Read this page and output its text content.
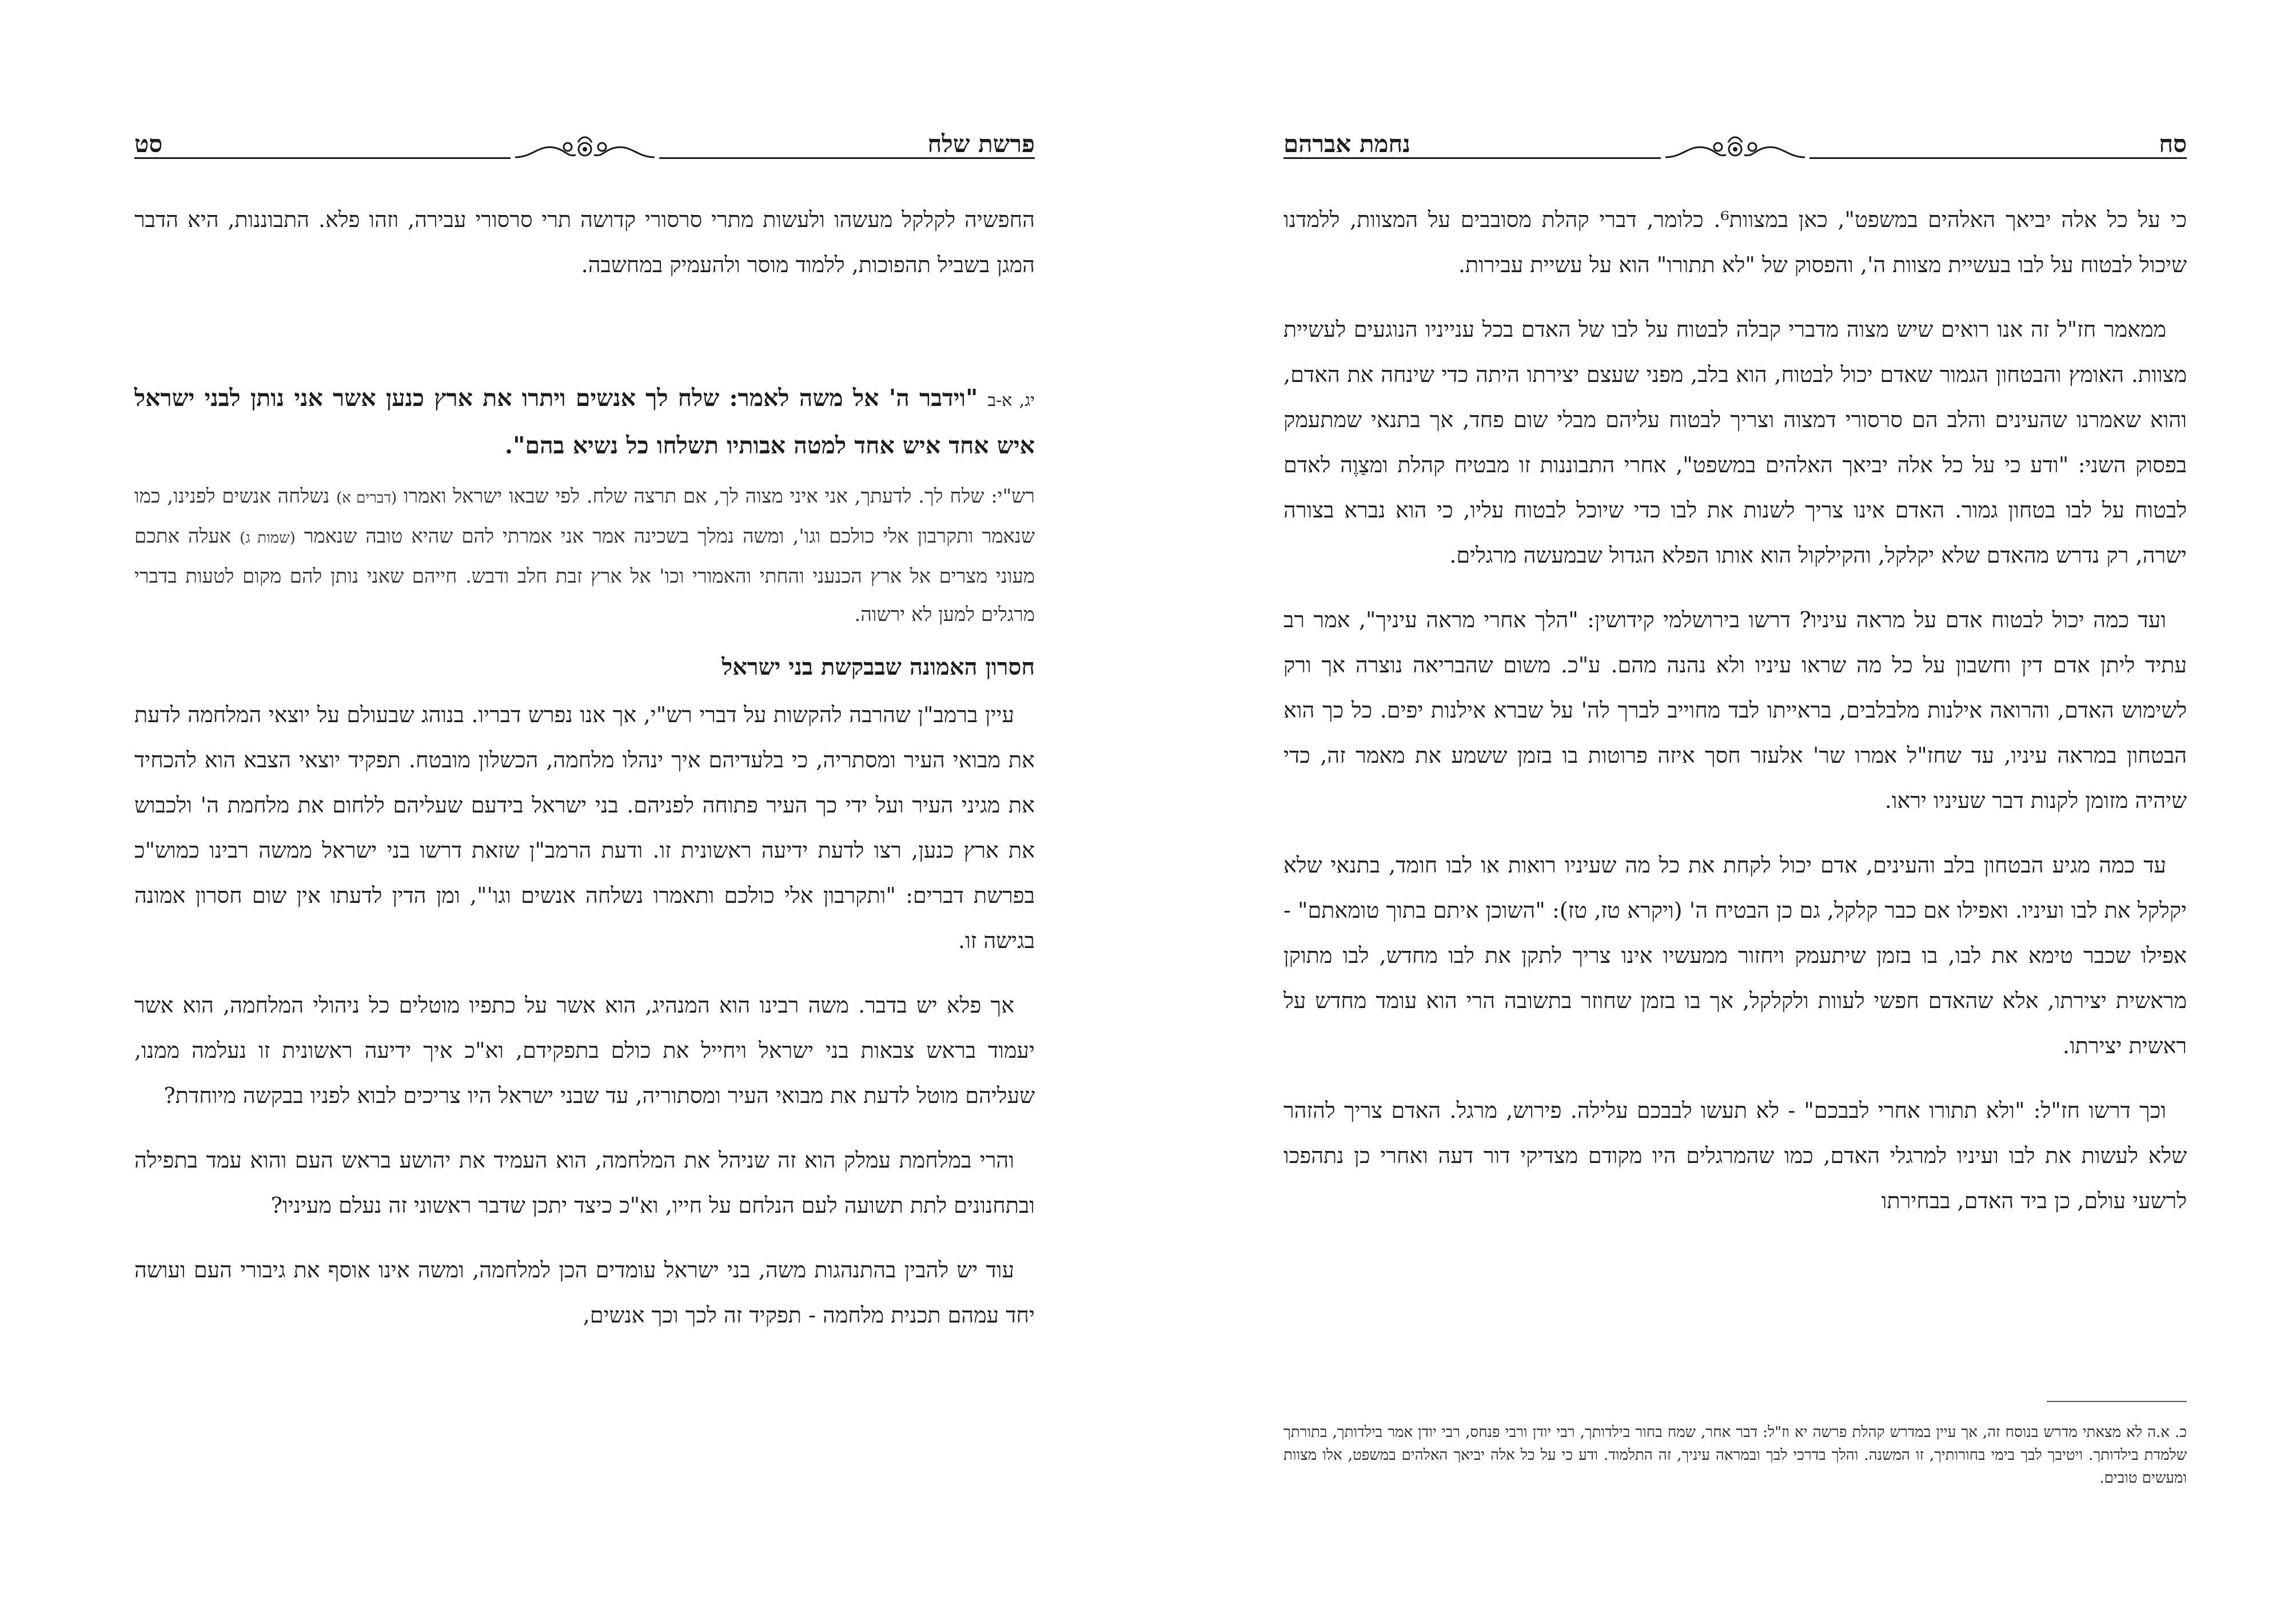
פרשת שלח
סט

החפשיה לקלקל מעשהו ולעשות מתרי סרסורי קדושה תרי סרסורי עבירה, וזהו פלא. התבוננות, היא הדבר המגן בשביל תהפוכות, ללמוד מוסר ולהעמיק במחשבה.

יג, א-ב "וידבר ה' אל משה לאמר: שלח לך אנשים ויתרו את ארץ כנען אשר אני נותן לבני ישראל איש אחד איש אחד למטה אבותיו תשלחו כל נשיא בהם".
רש"י: שלח לך. לדעתך, אני איני מצוה לך, אם תרצה שלח. לפי שבאו ישראל ואמרו (דברים א) נשלחה אנשים לפנינו, כמו שנאמר ותקרבון אלי כולכם וגו', ומשה נמלך בשכינה אמר אני אמרתי להם שהיא טובה שנאמר (שמות ג) אעלה אתכם מעוני מצרים אל ארץ הכנעני והחתי והאמורי וכו' אל ארץ זבת חלב ודבש. חייהם שאני נותן להם מקום לטעות בדברי מרגלים למען לא ירשוה.
חסרון האמונה שבבקשת בני ישראל

עיין ברמב"ן שהרבה להקשות על דברי רש"י, אך אנו נפרש דבריו. בנוהג שבעולם על יוצאי המלחמה לדעת את מבואי העיר ומסתריה, כי בלעדיהם איך ינהלו מלחמה, הכשלון מובטח. תפקיד יוצאי הצבא הוא להכחיד את מגיני העיר ועל ידי כך העיר פתוחה לפניהם. בני ישראל בידעם שעליהם ללחום את מלחמת ה' ולכבוש את ארץ כנען, רצו לדעת ידיעה ראשונית זו. ודעת הרמב"ן שזאת דרשו בני ישראל ממשה רבינו כמוש"כ בפרשת דברים: "ותקרבון אלי כולכם ותאמרו נשלחה אנשים וגו'", ומן הדין לדעתו אין שום חסרון אמונה בגישה זו.

אך פלא יש בדבר. משה רבינו הוא המנהיג, הוא אשר על כתפיו מוטלים כל ניהולי המלחמה, הוא אשר יעמוד בראש צבאות בני ישראל ויחייל את כולם בתפקידם, וא"כ איך ידיעה ראשונית זו נעלמה ממנו, שעליהם מוטל לדעת את מבואי העיר ומסתוריה, עד שבני ישראל היו צריכים לבוא לפניו בבקשה מיוחדת?

והרי במלחמת עמלק הוא זה שניהל את המלחמה, הוא העמיד את יהושע בראש העם והוא עמד בתפילה ובתחנונים לתת תשועה לעם הנלחם על חייו, וא"כ כיצד יתכן שדבר ראשוני זה נעלם מעיניו?

עוד יש להבין בהתנהגות משה, בני ישראל עומדים הכן למלחמה, ומשה אינו אוסף את גיבורי העם ועושה יחד עמהם תכנית מלחמה - תפקיד זה לכך וכך אנשים,

סח
נחמת אברהם

כי על כל אלה יביאך האלהים במשפט", כאן במצוות⁶. כלומר, דברי קהלת מסובבים על המצוות, ללמדנו שיכול לבטוח על לבו בעשיית מצוות ה', והפסוק של "לא תתורו" הוא על עשיית עבירות.

ממאמר חז"ל זה אנו רואים שיש מצוה מדברי קבלה לבטוח על לבו של האדם בכל ענייניו הנוגעים לעשיית מצוות. האומץ והבטחון הגמור שאדם יכול לבטוח, הוא בלב, מפני שעצם יצירתו היתה כדי שינחה את האדם, והוא שאמרנו שהעינים והלב הם סרסורי דמצוה וצריך לבטוח עליהם מבלי שום פחד, אך בתנאי שמתעמק בפסוק השני: "ודע כי על כל אלה יביאך האלהים במשפט", אחרי התבוננות זו מבטיח קהלת ומצַוֶה לאדם לבטוח על לבו בטחון גמור. האדם אינו צריך לשנות את לבו כדי שיוכל לבטוח עליו, כי הוא נברא בצורה ישרה, רק נדרש מהאדם שלא יקלקל, והקילקול הוא אותו הפלא הגדול שבמעשה מרגלים.

ועד כמה יכול לבטוח אדם על מראה עיניו? דרשו בירושלמי קידושין: "הלך אחרי מראה עיניך", אמר רב עתיד ליתן אדם דין וחשבון על כל מה שראו עיניו ולא נהנה מהם. ע"כ. משום שהבריאה נוצרה אך ורק לשימוש האדם, והרואה אילנות מלבלבים, בראייתו לבד מחוייב לברך לה' על שברא אילנות יפים. כל כך הוא הבטחון במראה עיניו, עד שחז"ל אמרו שר' אלעזר חסך איזה פרוטות בו בזמן ששמע את מאמר זה, כדי שיהיה מזומן לקנות דבר שעיניו יראו.

עד כמה מגיע הבטחון בלב והעינים, אדם יכול לקחת את כל מה שעיניו רואות או לבו חומד, בתנאי שלא יקלקל את לבו ועיניו. ואפילו אם כבר קלקל, גם כן הבטיח ה' (ויקרא טז, טז): "השוכן איתם בתוך טומאתם" - אפילו שכבר טימא את לבו, בו בזמן שיתעמק ויחזור ממעשיו אינו צריך לתקן את לבו מחדש, לבו מתוקן מראשית יצירתו, אלא שהאדם חפשי לעוות ולקלקל, אך בו בזמן שחוזר בתשובה הרי הוא עומד מחדש על ראשית יצירתו.

וכך דרשו חז"ל: "ולא תתורו אחרי לבבכם" - לא תעשו לבבכם עלילה. פירוש, מרגל. האדם צריך להזהר שלא לעשות את לבו ועיניו למרגלי האדם, כמו שהמרגלים היו מקודם מצדיקי דור דעה ואחרי כן נתהפכו לרשעי עולם, כן ביד האדם, בבחירתו

כ. א.ה לא מצאתי מדרש בנוסח זה, אך עיין במדרש קהלת פרשה יא וז"ל: דבר אחר, שמח בחור בילדותך, רבי יודן ורבי פנחס, רבי יודן אמר בילדותך, בתורתך שלמדת בילדותך. ויטיבך לבך בימי בחורותיך, זו המשנה. והלך בדרכי לבך ובמראה עיניך, זה התלמוד. ודע כי על כל אלה יביאך האלהים במשפט, אלו מצוות ומעשים טובים.
